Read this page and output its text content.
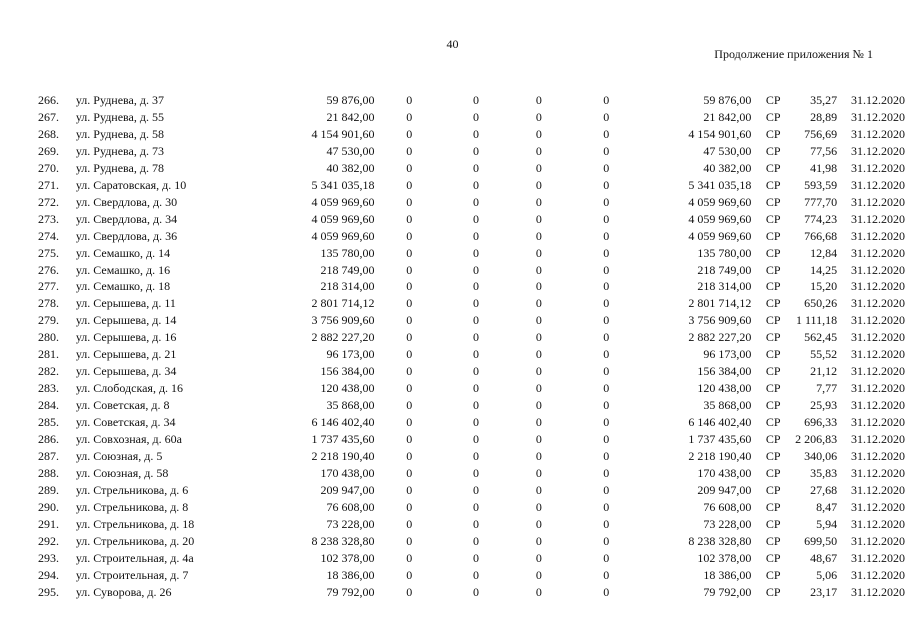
40
Продолжение приложения № 1
266.	ул. Руднева, д. 37	59 876,00	0	0	0	0	59 876,00	СР	35,27	31.12.2020
267.	ул. Руднева, д. 55	21 842,00	0	0	0	0	21 842,00	СР	28,89	31.12.2020
268.	ул. Руднева, д. 58	4 154 901,60	0	0	0	0	4 154 901,60	СР	756,69	31.12.2020
269.	ул. Руднева, д. 73	47 530,00	0	0	0	0	47 530,00	СР	77,56	31.12.2020
270.	ул. Руднева, д. 78	40 382,00	0	0	0	0	40 382,00	СР	41,98	31.12.2020
271.	ул. Саратовская, д. 10	5 341 035,18	0	0	0	0	5 341 035,18	СР	593,59	31.12.2020
272.	ул. Свердлова, д. 30	4 059 969,60	0	0	0	0	4 059 969,60	СР	777,70	31.12.2020
273.	ул. Свердлова, д. 34	4 059 969,60	0	0	0	0	4 059 969,60	СР	774,23	31.12.2020
274.	ул. Свердлова, д. 36	4 059 969,60	0	0	0	0	4 059 969,60	СР	766,68	31.12.2020
275.	ул. Семашко, д. 14	135 780,00	0	0	0	0	135 780,00	СР	12,84	31.12.2020
276.	ул. Семашко, д. 16	218 749,00	0	0	0	0	218 749,00	СР	14,25	31.12.2020
277.	ул. Семашко, д. 18	218 314,00	0	0	0	0	218 314,00	СР	15,20	31.12.2020
278.	ул. Серышева, д. 11	2 801 714,12	0	0	0	0	2 801 714,12	СР	650,26	31.12.2020
279.	ул. Серышева, д. 14	3 756 909,60	0	0	0	0	3 756 909,60	СР	1 111,18	31.12.2020
280.	ул. Серышева, д. 16	2 882 227,20	0	0	0	0	2 882 227,20	СР	562,45	31.12.2020
281.	ул. Серышева, д. 21	96 173,00	0	0	0	0	96 173,00	СР	55,52	31.12.2020
282.	ул. Серышева, д. 34	156 384,00	0	0	0	0	156 384,00	СР	21,12	31.12.2020
283.	ул. Слободская, д. 16	120 438,00	0	0	0	0	120 438,00	СР	7,77	31.12.2020
284.	ул. Советская, д. 8	35 868,00	0	0	0	0	35 868,00	СР	25,93	31.12.2020
285.	ул. Советская, д. 34	6 146 402,40	0	0	0	0	6 146 402,40	СР	696,33	31.12.2020
286.	ул. Совхозная, д. 60а	1 737 435,60	0	0	0	0	1 737 435,60	СР	2 206,83	31.12.2020
287.	ул. Союзная, д. 5	2 218 190,40	0	0	0	0	2 218 190,40	СР	340,06	31.12.2020
288.	ул. Союзная, д. 58	170 438,00	0	0	0	0	170 438,00	СР	35,83	31.12.2020
289.	ул. Стрельникова, д. 6	209 947,00	0	0	0	0	209 947,00	СР	27,68	31.12.2020
290.	ул. Стрельникова, д. 8	76 608,00	0	0	0	0	76 608,00	СР	8,47	31.12.2020
291.	ул. Стрельникова, д. 18	73 228,00	0	0	0	0	73 228,00	СР	5,94	31.12.2020
292.	ул. Стрельникова, д. 20	8 238 328,80	0	0	0	0	8 238 328,80	СР	699,50	31.12.2020
293.	ул. Строительная, д. 4а	102 378,00	0	0	0	0	102 378,00	СР	48,67	31.12.2020
294.	ул. Строительная, д. 7	18 386,00	0	0	0	0	18 386,00	СР	5,06	31.12.2020
295.	ул. Суворова, д. 26	79 792,00	0	0	0	0	79 792,00	СР	23,17	31.12.2020
